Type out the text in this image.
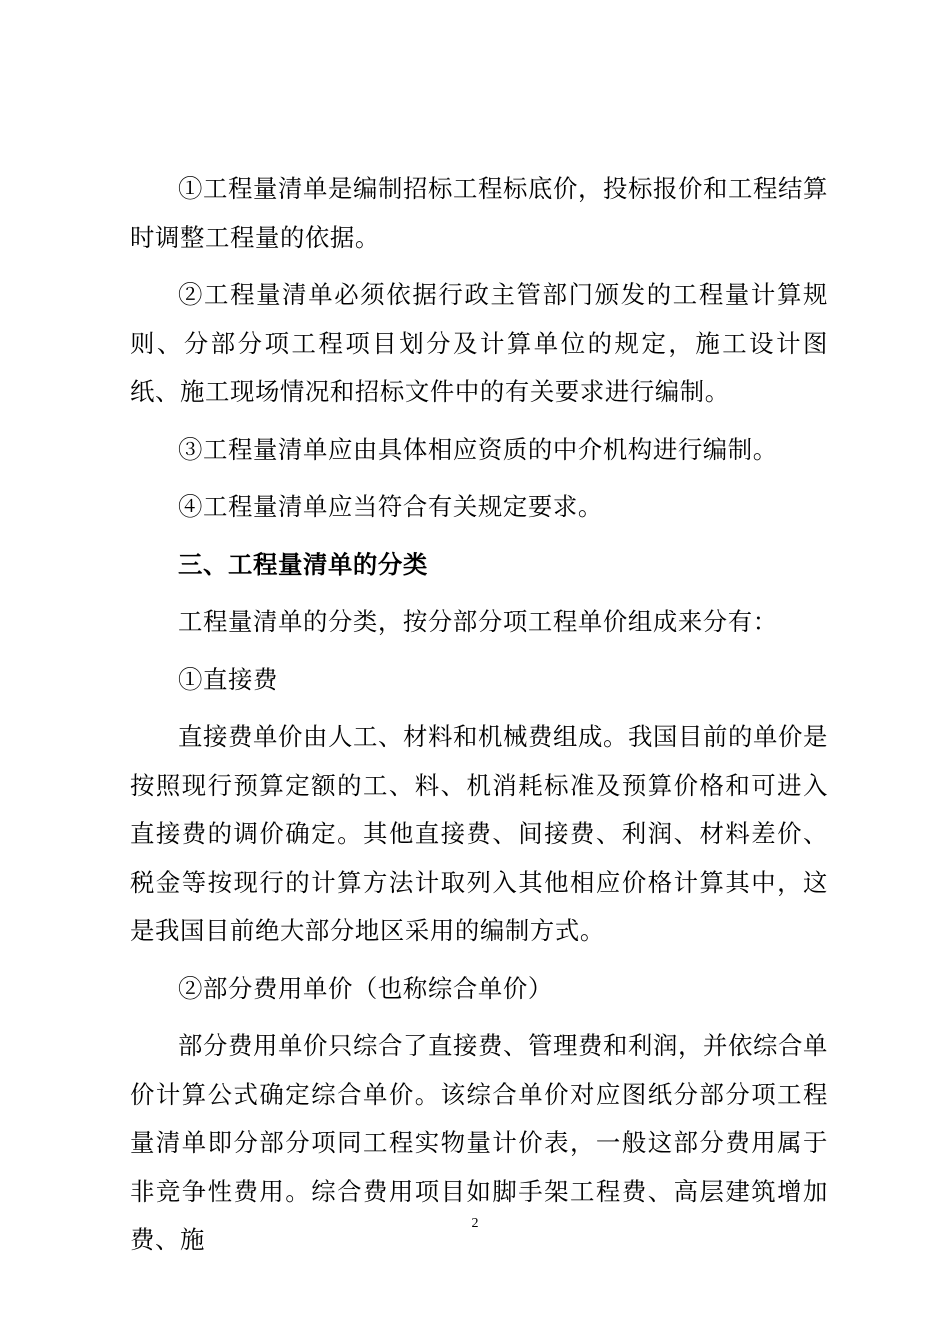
①工程量清单是编制招标工程标底价，投标报价和工程结算时调整工程量的依据。

②工程量清单必须依据行政主管部门颁发的工程量计算规则、分部分项工程项目划分及计算单位的规定，施工设计图纸、施工现场情况和招标文件中的有关要求进行编制。

③工程量清单应由具体相应资质的中介机构进行编制。

④工程量清单应当符合有关规定要求。

三、工程量清单的分类

工程量清单的分类，按分部分项工程单价组成来分有：

①直接费

直接费单价由人工、材料和机械费组成。我国目前的单价是按照现行预算定额的工、料、机消耗标准及预算价格和可进入直接费的调价确定。其他直接费、间接费、利润、材料差价、税金等按现行的计算方法计取列入其他相应价格计算其中，这是我国目前绝大部分地区采用的编制方式。

②部分费用单价（也称综合单价）

部分费用单价只综合了直接费、管理费和利润，并依综合单价计算公式确定综合单价。该综合单价对应图纸分部分项工程量清单即分部分项同工程实物量计价表，一般这部分费用属于非竞争性费用。综合费用项目如脚手架工程费、高层建筑增加费、施

2
